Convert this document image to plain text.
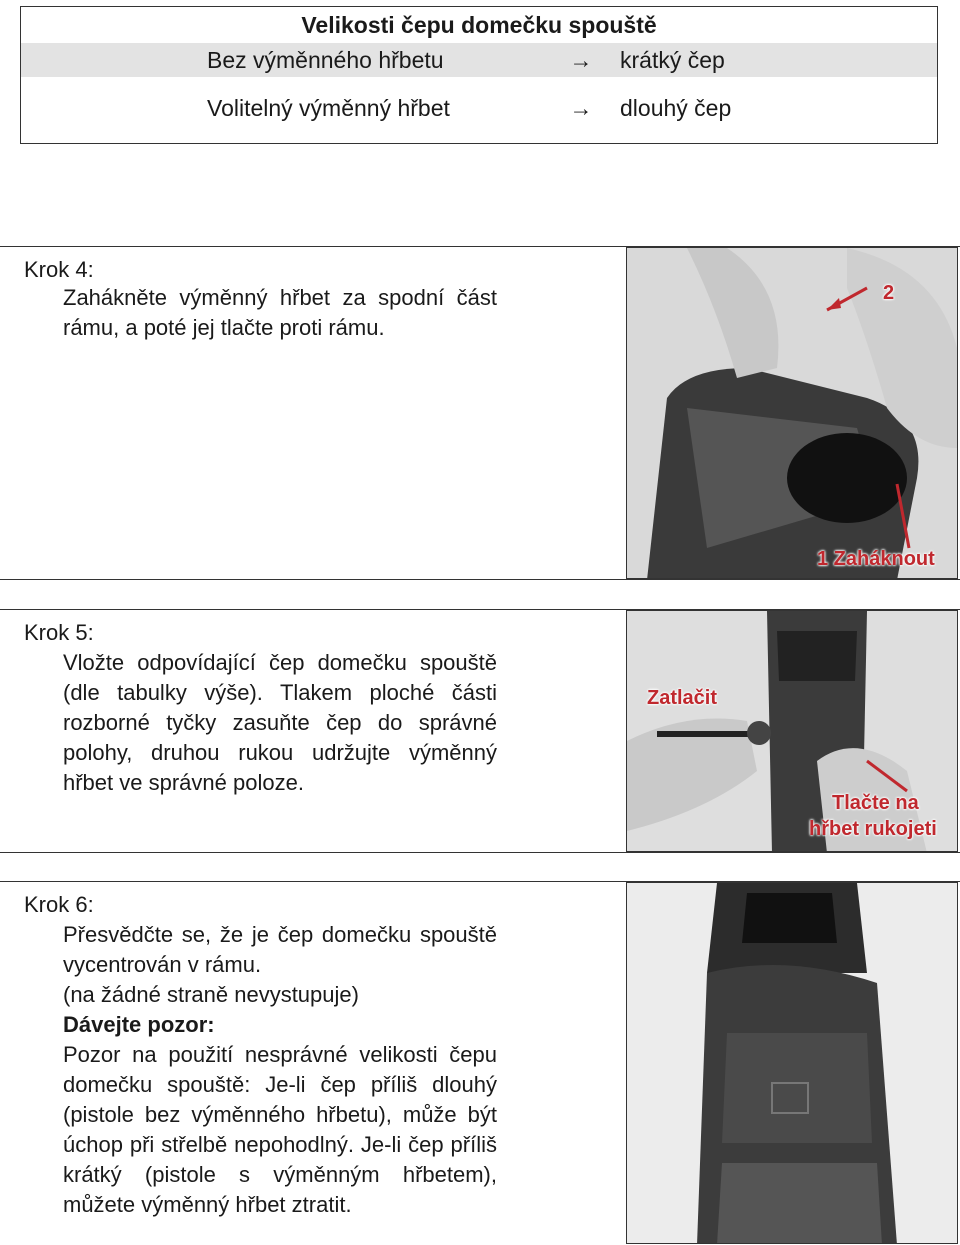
Velikosti čepu domečku spouště
Bez výměnného hřbetu	→	krátký čep
Volitelný výměnný hřbet	→	dlouhý čep
Krok 4:

Zahákněte výměnný hřbet za spodní část rámu, a poté jej tlačte proti rámu.

2
1 Zaháknout
Krok 5:

Vložte odpovídající čep domečku spouště (dle tabulky výše). Tlakem ploché části rozborné tyčky zasuňte čep do správné polohy, druhou rukou udržujte výměnný hřbet ve správné poloze.

Zatlačit
Tlačte na
hřbet rukojeti
Krok 6:

Přesvědčte se, že je čep domečku spouště vycentrován v rámu.

(na žádné straně nevystupuje)

Dávejte pozor:

Pozor na použití nesprávné velikosti čepu domečku spouště: Je-li čep příliš dlouhý (pistole bez výměnného hřbetu), může být úchop při střelbě nepohodlný. Je-li čep příliš krátký (pistole s výměnným hřbetem), můžete výměnný hřbet ztratit.
